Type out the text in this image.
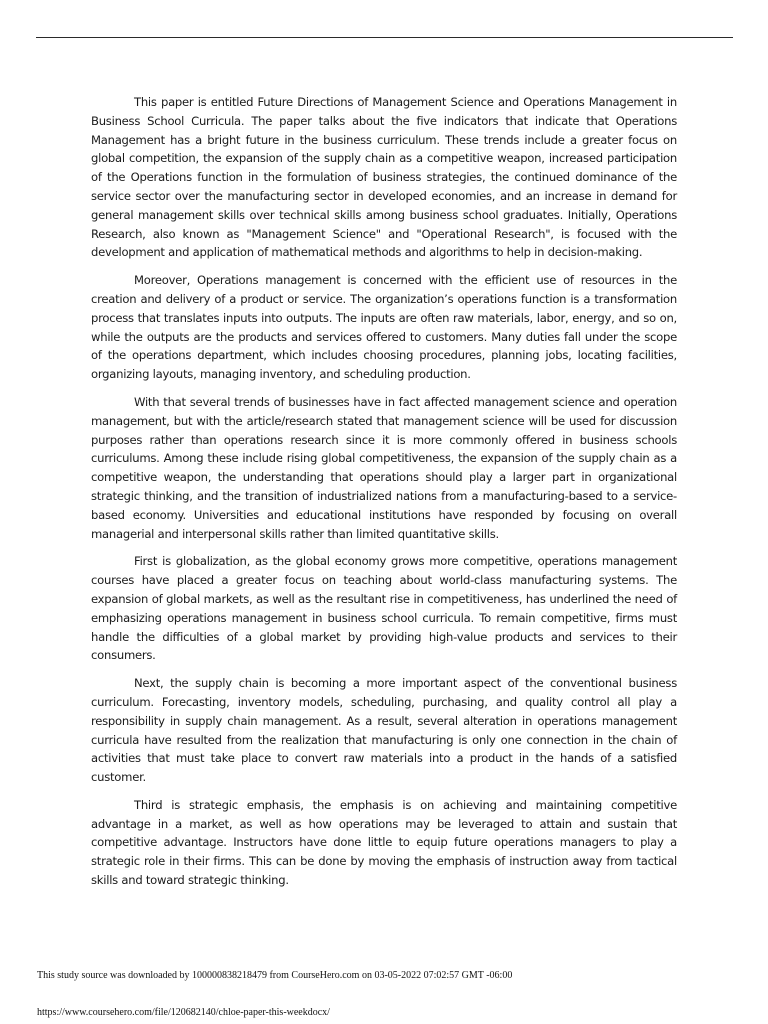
This paper is entitled Future Directions of Management Science and Operations Management in Business School Curricula. The paper talks about the five indicators that indicate that Operations Management has a bright future in the business curriculum. These trends include a greater focus on global competition, the expansion of the supply chain as a competitive weapon, increased participation of the Operations function in the formulation of business strategies, the continued dominance of the service sector over the manufacturing sector in developed economies, and an increase in demand for general management skills over technical skills among business school graduates. Initially, Operations Research, also known as "Management Science" and "Operational Research", is focused with the development and application of mathematical methods and algorithms to help in decision-making.

Moreover, Operations management is concerned with the efficient use of resources in the creation and delivery of a product or service. The organization’s operations function is a transformation process that translates inputs into outputs. The inputs are often raw materials, labor, energy, and so on, while the outputs are the products and services offered to customers. Many duties fall under the scope of the operations department, which includes choosing procedures, planning jobs, locating facilities, organizing layouts, managing inventory, and scheduling production.

With that several trends of businesses have in fact affected management science and operation management, but with the article/research stated that management science will be used for discussion purposes rather than operations research since it is more commonly offered in business schools curriculums. Among these include rising global competitiveness, the expansion of the supply chain as a competitive weapon, the understanding that operations should play a larger part in organizational strategic thinking, and the transition of industrialized nations from a manufacturing-based to a service-based economy. Universities and educational institutions have responded by focusing on overall managerial and interpersonal skills rather than limited quantitative skills.

First is globalization, as the global economy grows more competitive, operations management courses have placed a greater focus on teaching about world-class manufacturing systems. The expansion of global markets, as well as the resultant rise in competitiveness, has underlined the need of emphasizing operations management in business school curricula. To remain competitive, firms must handle the difficulties of a global market by providing high-value products and services to their consumers.

Next, the supply chain is becoming a more important aspect of the conventional business curriculum. Forecasting, inventory models, scheduling, purchasing, and quality control all play a responsibility in supply chain management. As a result, several alteration in operations management curricula have resulted from the realization that manufacturing is only one connection in the chain of activities that must take place to convert raw materials into a product in the hands of a satisfied customer.

Third is strategic emphasis, the emphasis is on achieving and maintaining competitive advantage in a market, as well as how operations may be leveraged to attain and sustain that competitive advantage. Instructors have done little to equip future operations managers to play a strategic role in their firms. This can be done by moving the emphasis of instruction away from tactical skills and toward strategic thinking.

This study source was downloaded by 100000838218479 from CourseHero.com on 03-05-2022 07:02:57 GMT -06:00
https://www.coursehero.com/file/120682140/chloe-paper-this-weekdocx/
